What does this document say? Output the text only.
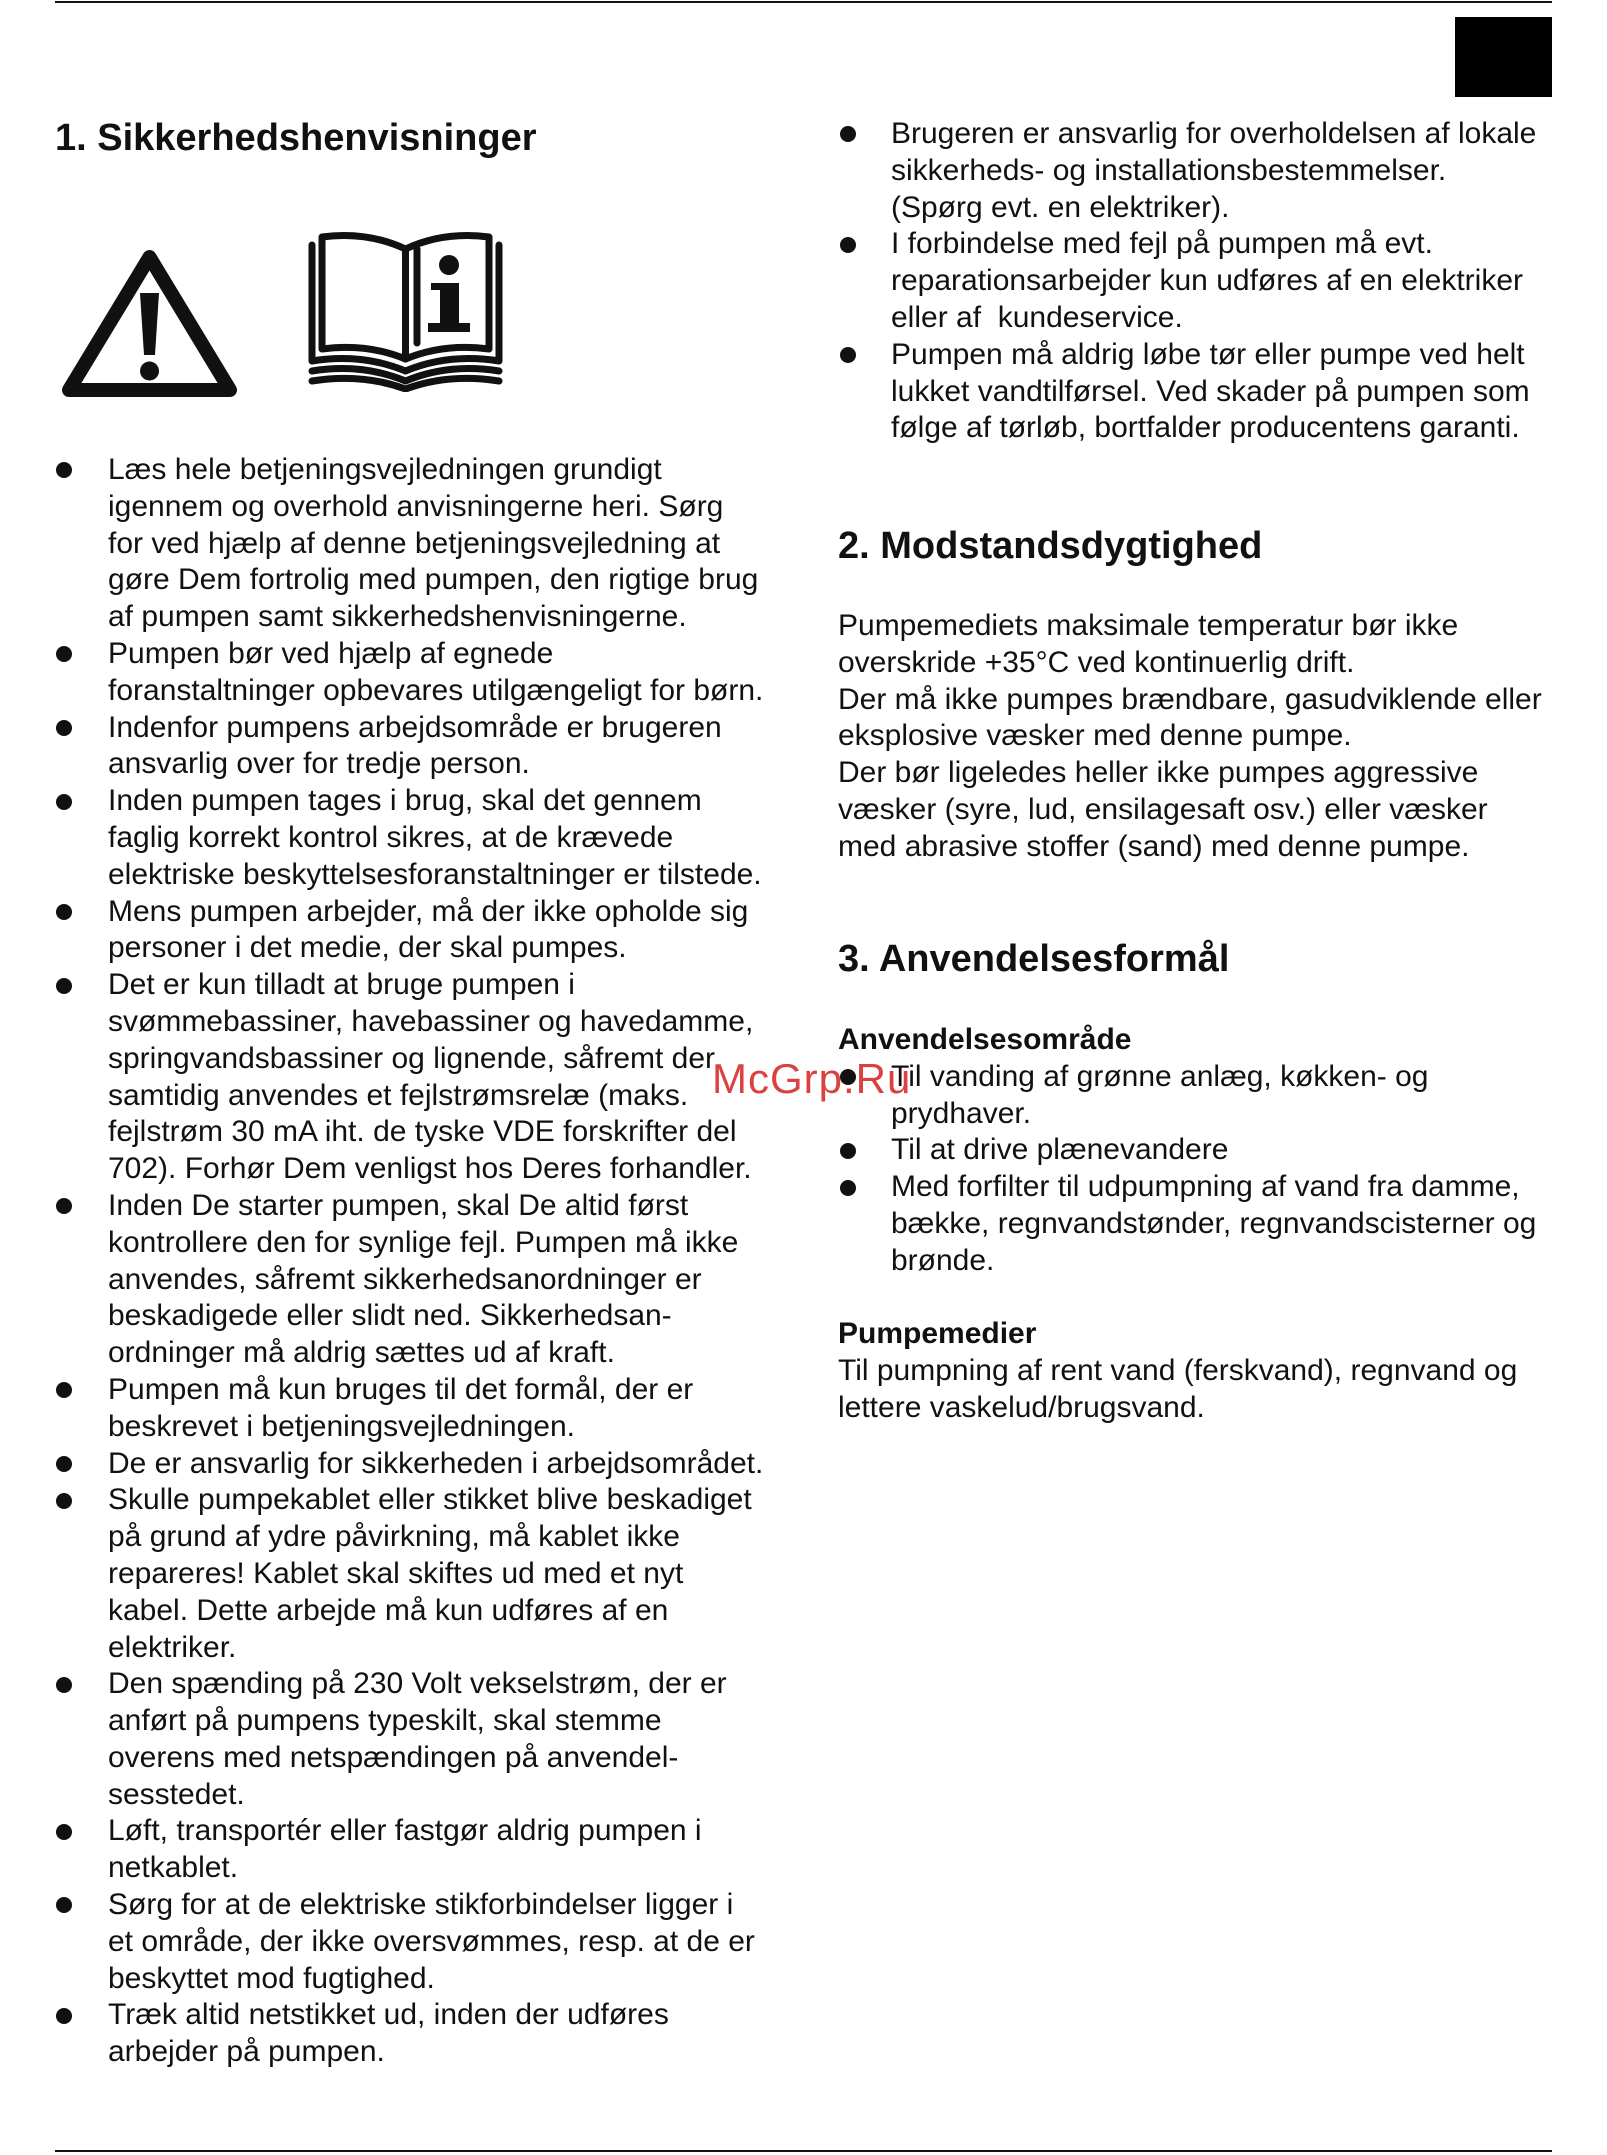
1. Sikkerhedshenvisninger
Læs hele betjeningsvejledningen grundigt
igennem og overhold anvisningerne heri. Sørg
for ved hjælp af denne betjeningsvejledning at
gøre Dem fortrolig med pumpen, den rigtige brug
af pumpen samt sikkerhedshenvisningerne.
Pumpen bør ved hjælp af egnede
foranstaltninger opbevares utilgængeligt for børn.
Indenfor pumpens arbejdsområde er brugeren
ansvarlig over for tredje person.
Inden pumpen tages i brug, skal det gennem
faglig korrekt kontrol sikres, at de krævede
elektriske beskyttelsesforanstaltninger er tilstede.
Mens pumpen arbejder, må der ikke opholde sig
personer i det medie, der skal pumpes.
Det er kun tilladt at bruge pumpen i
svømmebassiner, havebassiner og havedamme,
springvandsbassiner og lignende, såfremt der
samtidig anvendes et fejlstrømsrelæ (maks.
fejlstrøm 30 mA iht. de tyske VDE forskrifter del
702). Forhør Dem venligst hos Deres forhandler.
Inden De starter pumpen, skal De altid først
kontrollere den for synlige fejl. Pumpen må ikke
anvendes, såfremt sikkerhedsanordninger er
beskadigede eller slidt ned. Sikkerhedsan-
ordninger må aldrig sættes ud af kraft.
Pumpen må kun bruges til det formål, der er
beskrevet i betjeningsvejledningen.
De er ansvarlig for sikkerheden i arbejdsområdet.
Skulle pumpekablet eller stikket blive beskadiget
på grund af ydre påvirkning, må kablet ikke
repareres! Kablet skal skiftes ud med et nyt
kabel. Dette arbejde må kun udføres af en
elektriker.
Den spænding på 230 Volt vekselstrøm, der er
anført på pumpens typeskilt, skal stemme
overens med netspændingen på anvendel-
sesstedet.
Løft, transportér eller fastgør aldrig pumpen i
netkablet.
Sørg for at de elektriske stikforbindelser ligger i
et område, der ikke oversvømmes, resp. at de er
beskyttet mod fugtighed.
Træk altid netstikket ud, inden der udføres
arbejder på pumpen.
Brugeren er ansvarlig for overholdelsen af lokale
sikkerheds- og installationsbestemmelser.
(Spørg evt. en elektriker).
I forbindelse med fejl på pumpen må evt.
reparationsarbejder kun udføres af en elektriker
eller af  kundeservice.
Pumpen må aldrig løbe tør eller pumpe ved helt
lukket vandtilførsel. Ved skader på pumpen som
følge af tørløb, bortfalder producentens garanti.
2. Modstandsdygtighed

Pumpemediets maksimale temperatur bør ikke
overskride +35°C ved kontinuerlig drift.
Der må ikke pumpes brændbare, gasudviklende eller
eksplosive væsker med denne pumpe.
Der bør ligeledes heller ikke pumpes aggressive
væsker (syre, lud, ensilagesaft osv.) eller væsker
med abrasive stoffer (sand) med denne pumpe.

3. Anvendelsesformål
Anvendelsesområde
Til vanding af grønne anlæg, køkken- og
prydhaver.
Til at drive plænevandere
Med forfilter til udpumpning af vand fra damme,
bække, regnvandstønder, regnvandscisterner og
brønde.
Pumpemedier

Til pumpning af rent vand (ferskvand), regnvand og
lettere vaskelud/brugsvand.

McGrp.Ru
